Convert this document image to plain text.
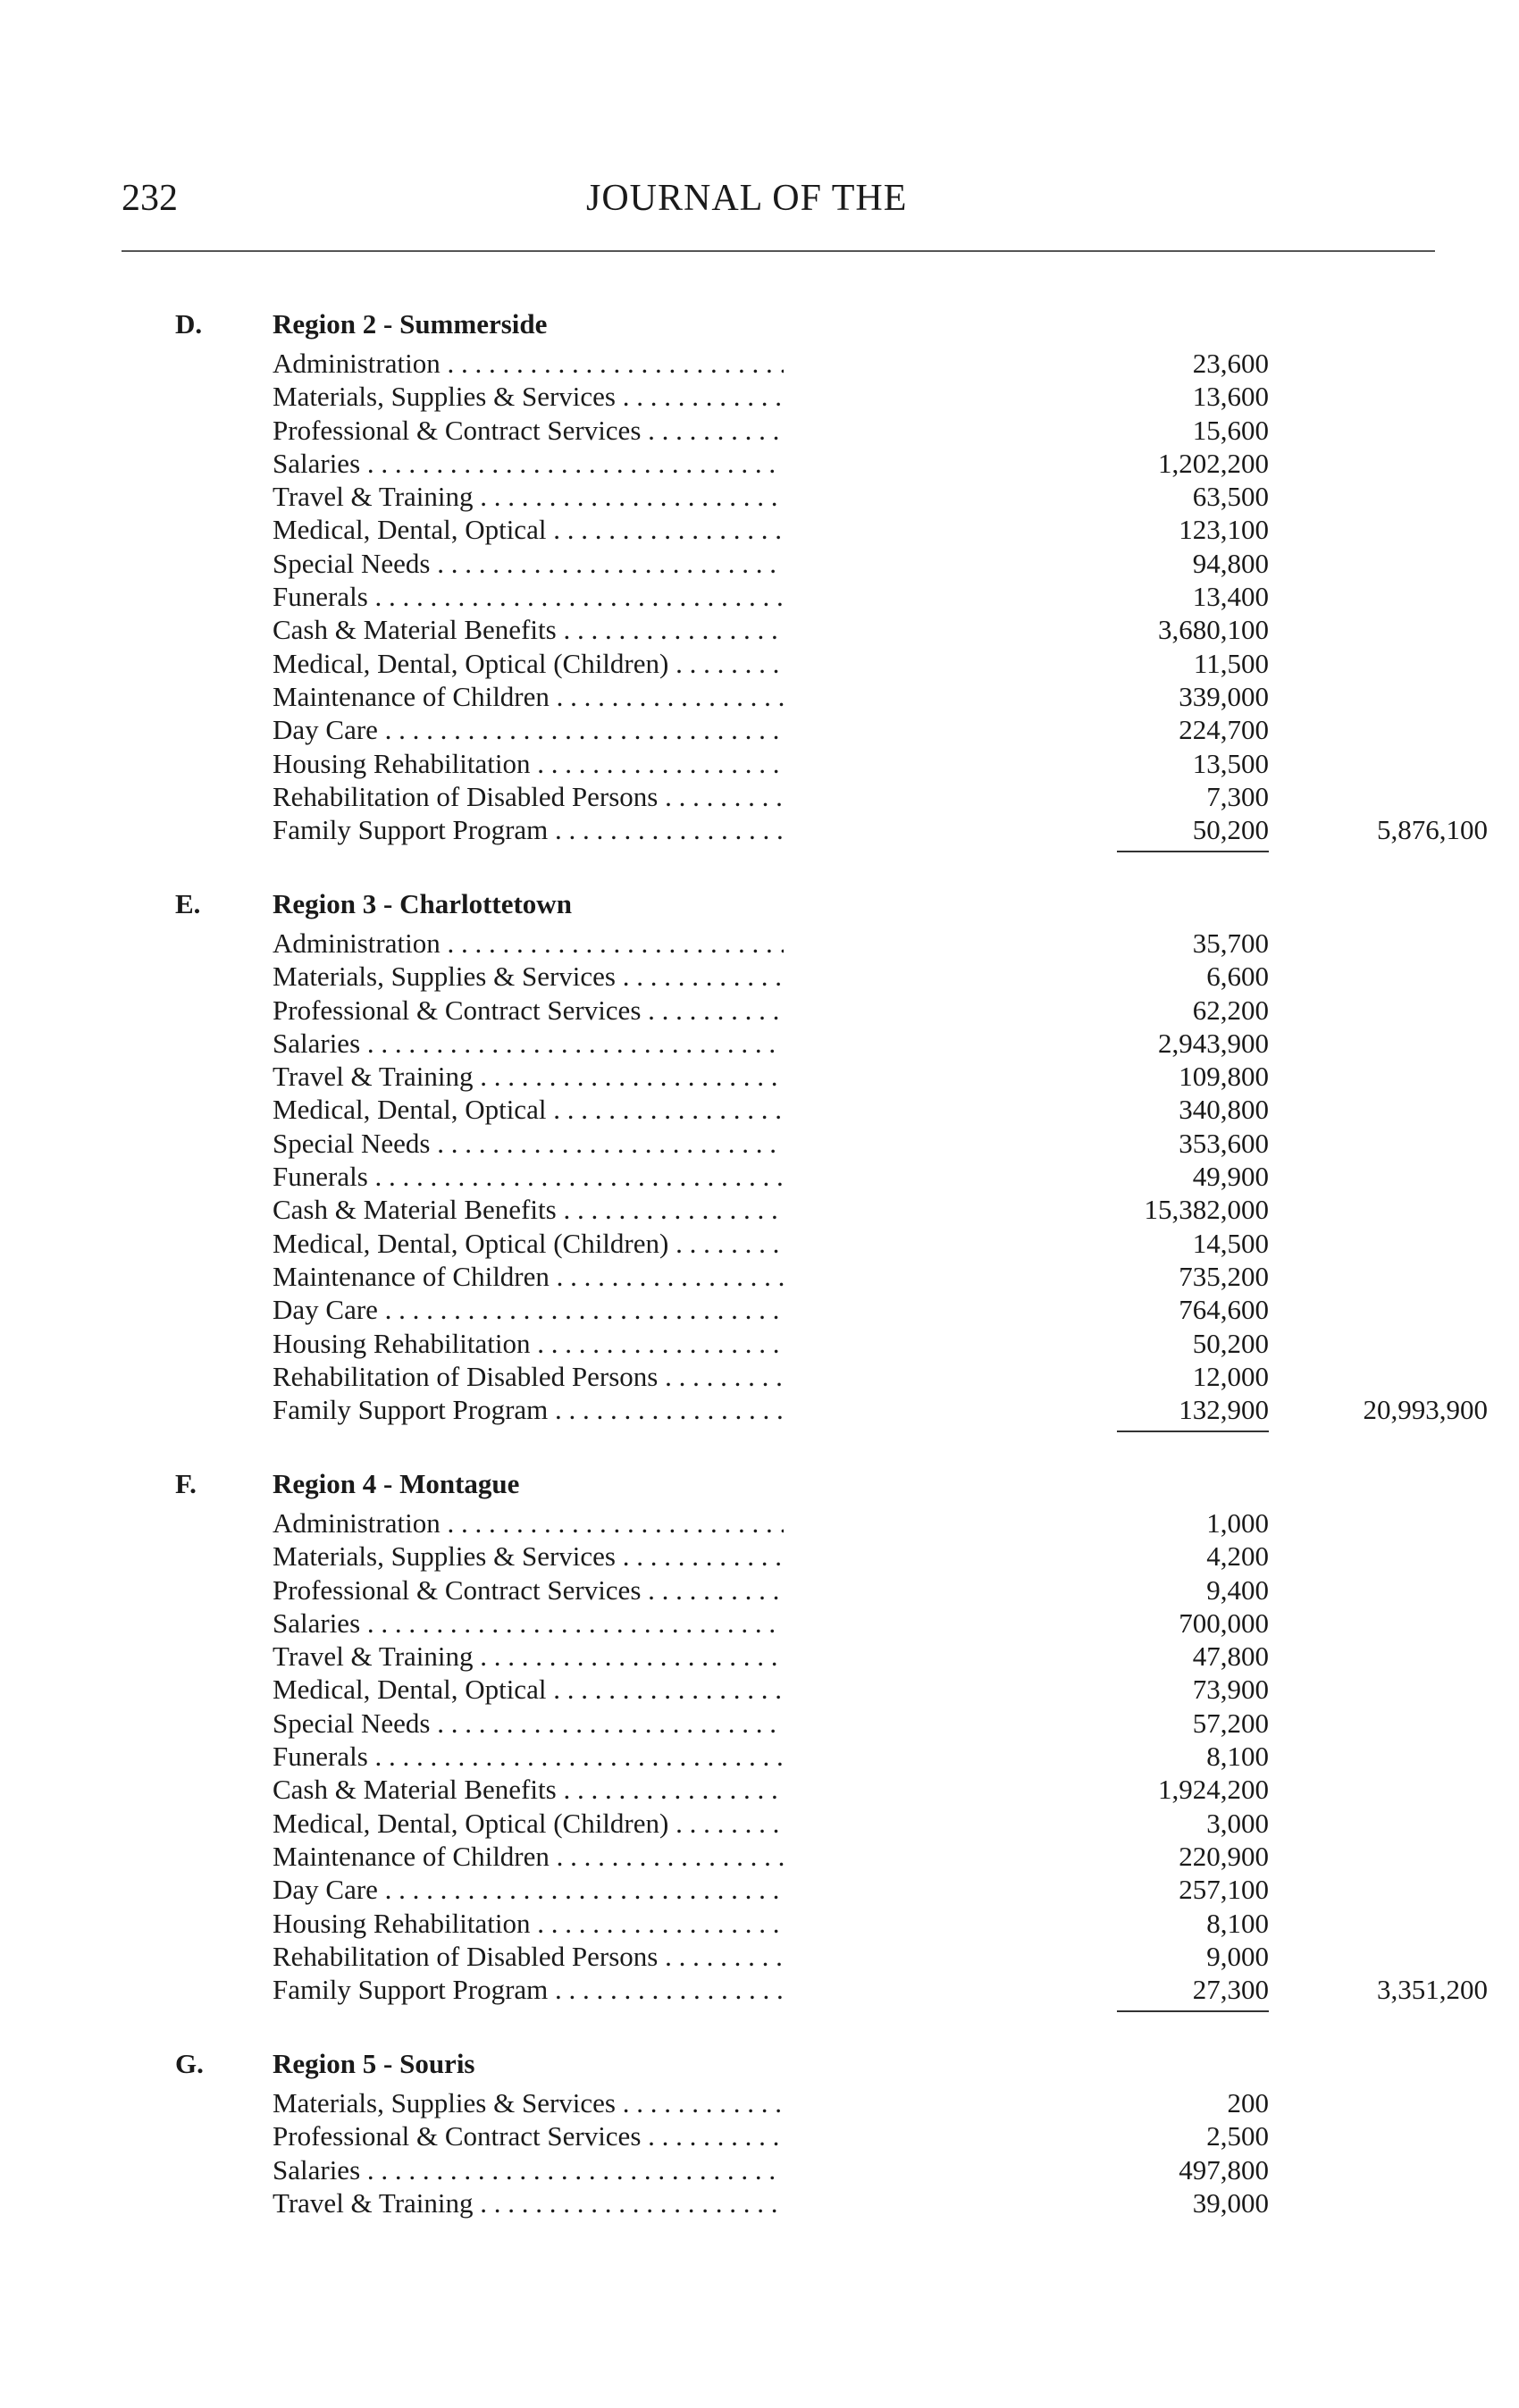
232	JOURNAL OF THE
D.	Region 2 - Summerside
Administration . . .	23,600
Materials, Supplies & Services . . .	13,600
Professional & Contract Services . . .	15,600
Salaries . . .	1,202,200
Travel & Training . . .	63,500
Medical, Dental, Optical . . .	123,100
Special Needs . . .	94,800
Funerals . . .	13,400
Cash & Material Benefits . . .	3,680,100
Medical, Dental, Optical (Children) . . .	11,500
Maintenance of Children . . .	339,000
Day Care . . .	224,700
Housing Rehabilitation . . .	13,500
Rehabilitation of Disabled Persons . . .	7,300
Family Support Program . . .	50,200	5,876,100
E.	Region 3 - Charlottetown
Administration . . .	35,700
Materials, Supplies & Services . . .	6,600
Professional & Contract Services . . .	62,200
Salaries . . .	2,943,900
Travel & Training . . .	109,800
Medical, Dental, Optical . . .	340,800
Special Needs . . .	353,600
Funerals . . .	49,900
Cash & Material Benefits . . .	15,382,000
Medical, Dental, Optical (Children) . . .	14,500
Maintenance of Children . . .	735,200
Day Care . . .	764,600
Housing Rehabilitation . . .	50,200
Rehabilitation of Disabled Persons . . .	12,000
Family Support Program . . .	132,900	20,993,900
F.	Region 4 - Montague
Administration . . .	1,000
Materials, Supplies & Services . . .	4,200
Professional & Contract Services . . .	9,400
Salaries . . .	700,000
Travel & Training . . .	47,800
Medical, Dental, Optical . . .	73,900
Special Needs . . .	57,200
Funerals . . .	8,100
Cash & Material Benefits . . .	1,924,200
Medical, Dental, Optical (Children) . . .	3,000
Maintenance of Children . . .	220,900
Day Care . . .	257,100
Housing Rehabilitation . . .	8,100
Rehabilitation of Disabled Persons . . .	9,000
Family Support Program . . .	27,300	3,351,200
G. Region 5 - Souris
Materials, Supplies & Services . . .	200
Professional & Contract Services . . .	2,500
Salaries . . .	497,800
Travel & Training . . .	39,000
